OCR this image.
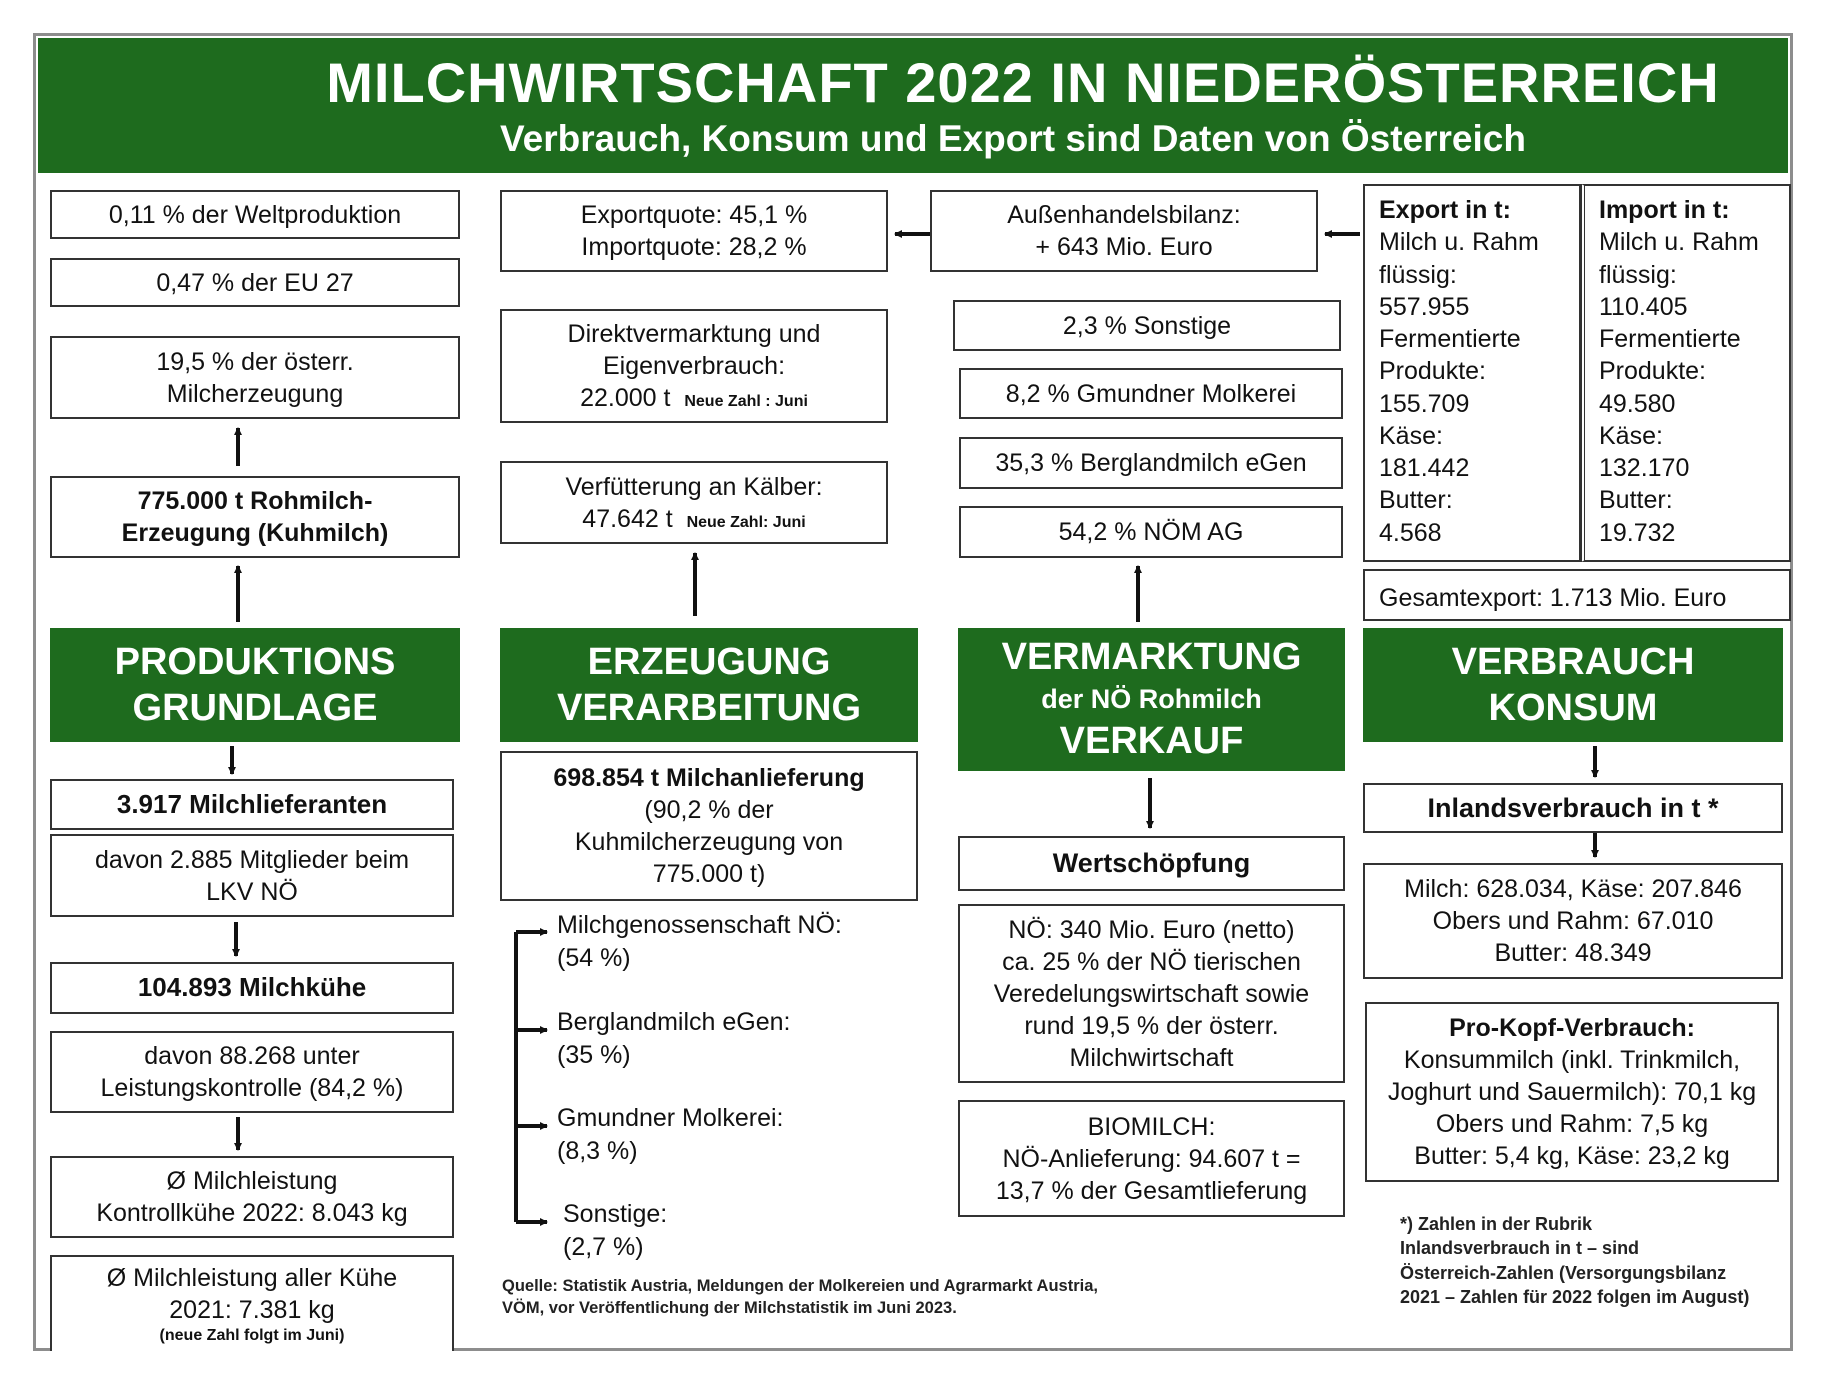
MILCHWIRTSCHAFT 2022 IN NIEDERÖSTERREICH
Verbrauch, Konsum und Export sind Daten von Österreich
0,11 % der Weltproduktion
0,47 % der EU 27
19,5 % der österr.
Milcherzeugung
775.000 t Rohmilch-
Erzeugung (Kuhmilch)
PRODUKTIONS
GRUNDLAGE
3.917 Milchlieferanten
davon 2.885 Mitglieder beim
LKV NÖ
104.893 Milchkühe
davon 88.268 unter
Leistungskontrolle (84,2 %)
Ø Milchleistung
Kontrollkühe 2022: 8.043 kg
Ø Milchleistung aller Kühe
2021: 7.381 kg
(neue Zahl folgt im Juni)
Exportquote: 45,1 %
Importquote: 28,2 %
Direktvermarktung und
Eigenverbrauch:
22.000 t Neue Zahl : Juni
Verfütterung an Kälber:
47.642 t Neue Zahl: Juni
ERZEUGUNG
VERARBEITUNG
698.854 t Milchanlieferung
(90,2 % der
Kuhmilcherzeugung von
775.000 t)
Milchgenossenschaft NÖ:
(54 %)
Berglandmilch eGen:
(35 %)
Gmundner Molkerei:
(8,3 %)
Sonstige:
(2,7 %)
Quelle: Statistik Austria, Meldungen der Molkereien und Agrarmarkt Austria,
VÖM, vor Veröffentlichung der Milchstatistik im Juni 2023.
Außenhandelsbilanz:
+ 643 Mio. Euro
2,3 % Sonstige
8,2 % Gmundner Molkerei
35,3 % Berglandmilch eGen
54,2 % NÖM AG
VERMARKTUNG
der NÖ Rohmilch
VERKAUF
Wertschöpfung
NÖ: 340 Mio. Euro (netto)
ca. 25 % der NÖ tierischen
Veredelungswirtschaft sowie
rund 19,5 % der österr.
Milchwirtschaft
BIOMILCH:
NÖ-Anlieferung: 94.607 t =
13,7 % der Gesamtlieferung
Export in t:
Milch u. Rahm
flüssig:
557.955
Fermentierte
Produkte:
155.709
Käse:
181.442
Butter:
4.568
Import in t:
Milch u. Rahm
flüssig:
110.405
Fermentierte
Produkte:
49.580
Käse:
132.170
Butter:
19.732
Gesamtexport: 1.713 Mio. Euro
VERBRAUCH
KONSUM
Inlandsverbrauch in t *
Milch: 628.034, Käse: 207.846
Obers und Rahm: 67.010
Butter: 48.349
Pro-Kopf-Verbrauch:
Konsummilch (inkl. Trinkmilch,
Joghurt und Sauermilch): 70,1 kg
Obers und Rahm: 7,5 kg
Butter: 5,4 kg, Käse: 23,2 kg
*) Zahlen in der Rubrik
Inlandsverbrauch in t – sind
Österreich-Zahlen (Versorgungsbilanz
2021 – Zahlen für 2022 folgen im August)
